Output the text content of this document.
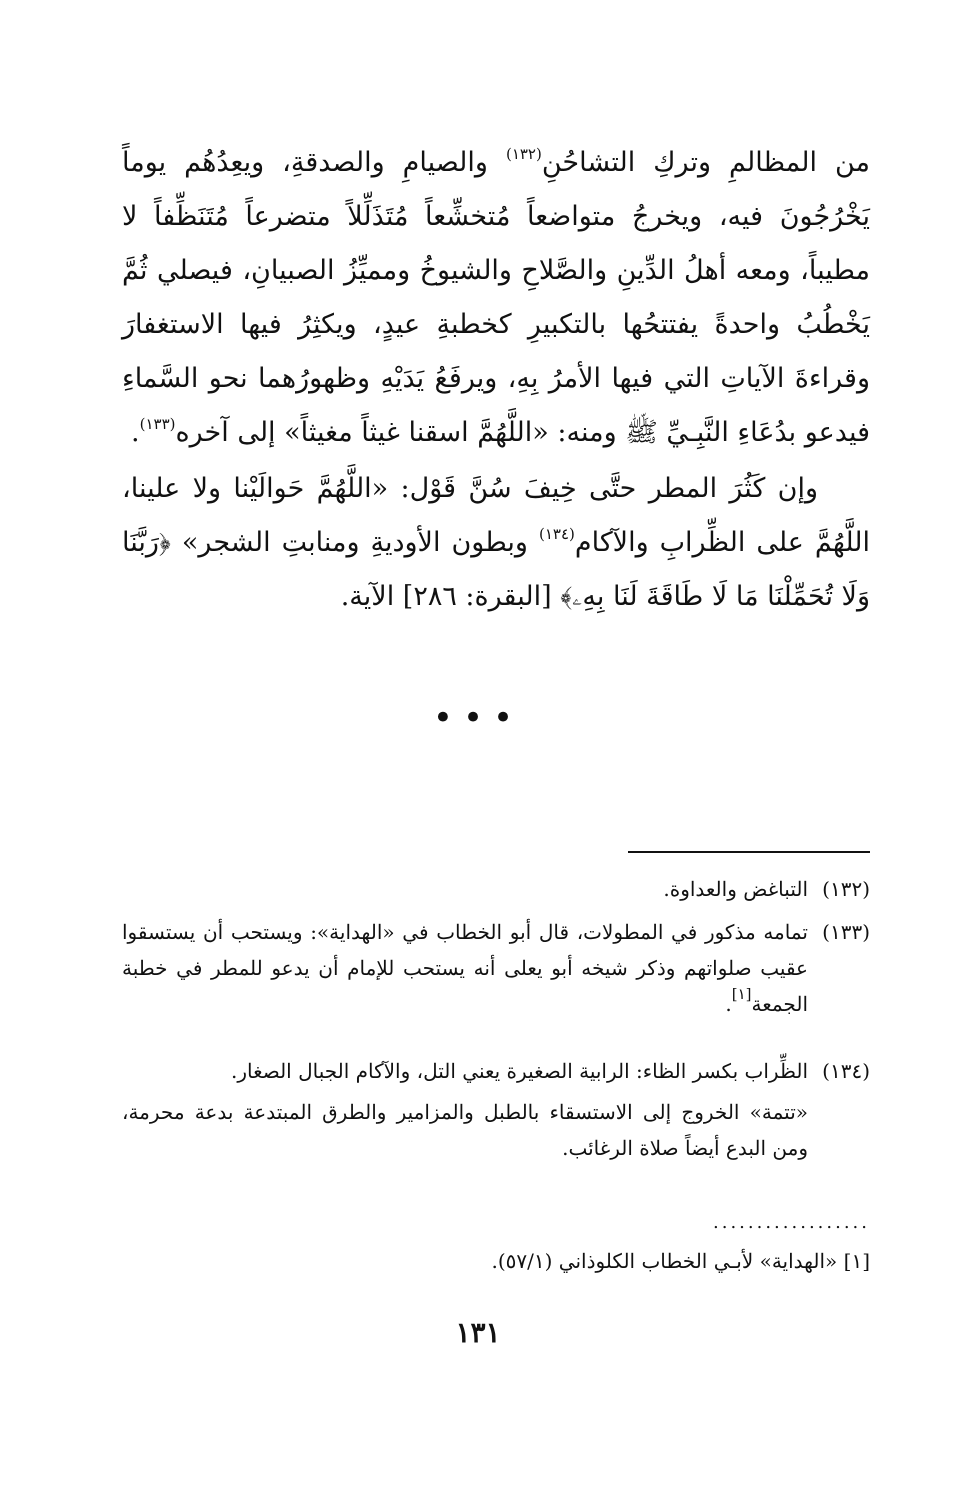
من المظالمِ وتركِ التشاحُنِ$^{(١٣٢)}$ والصيامِ والصدقةِ، ويعِدُهُم يوماً يَخْرُجُونَ فيه، ويخرجُ متواضعاً مُتخشِّعاً مُتَذَلِّلاً متضرعاً مُتَنَظِّفاً لا مطيباً، ومعه أهلُ الدِّينِ والصَّلاحِ والشيوخُ ومميِّزُ الصبيانِ، فيصلي ثُمَّ يَخْطُبُ واحدةً يفتتحُها بالتكبيرِ كخطبةِ عيدٍ، ويكثِرُ فيها الاستغفارَ وقراءةَ الآياتِ التي فيها الأمرُ بِهِ، ويرفَعُ يَدَيْهِ وظهورُهما نحو السَّماءِ فيدعو بدُعَاءِ النَّبِـيِّ ﷺ ومنه: «اللَّهُمَّ اسقنا غيثاً مغيثاً» إلى آخره$^{(١٣٣)}$.

وإن كَثُرَ المطر حتَّى خِيفَ سُنَّ قَوْل: «اللَّهُمَّ حَوالَيْنا ولا علينا، اللَّهُمَّ على الظِّرابِ والآكام$^{(١٣٤)}$ وبطون الأوديةِ ومنابتِ الشجر» ﴿رَبَّنَا وَلَا تُحَمِّلْنَا مَا لَا طَاقَةَ لَنَا بِهِۦ﴾ [البقرة: ٢٨٦] الآية.

•••

(١٣٢)
التباغض والعداوة.

(١٣٣)
تمامه مذكور في المطولات، قال أبو الخطاب في «الهداية»: ويستحب أن يستسقوا عقيب صلواتهم وذكر شيخه أبو يعلى أنه يستحب للإمام أن يدعو للمطر في خطبة الجمعة[١].

(١٣٤)
الظِّراب بكسر الظاء: الرابية الصغيرة يعني التل، والآكام الجبال الصغار.

«تتمة» الخروج إلى الاستسقاء بالطبل والمزامير والطرق المبتدعة بدعة محرمة، ومن البدع أيضاً صلاة الرغائب.

..................
[١] «الهداية» لأبـي الخطاب الكلوذاني (٥٧/١).
١٣١
